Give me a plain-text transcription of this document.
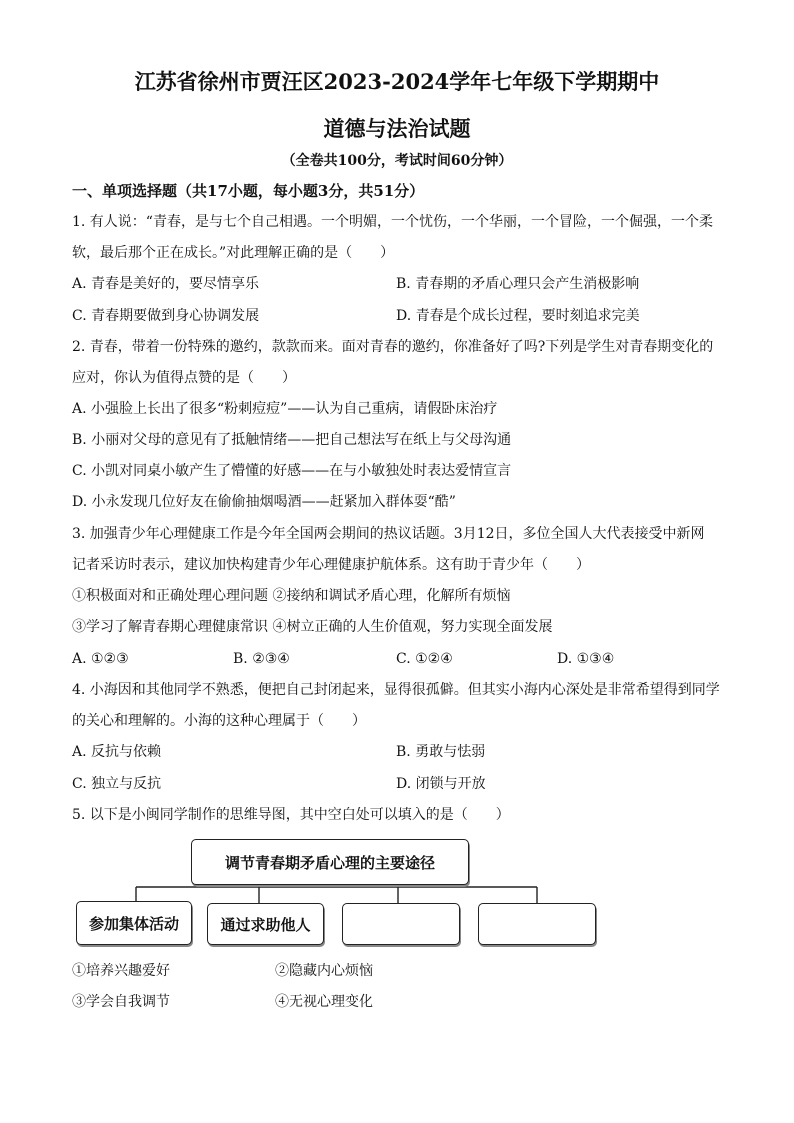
江苏省徐州市贾汪区2023-2024学年七年级下学期期中
道德与法治试题
（全卷共100分，考试时间60分钟）
一、单项选择题（共17小题，每小题3分，共51分）
1. 有人说：“青春，是与七个自己相遇。一个明媚，一个忧伤，一个华丽，一个冒险，一个倔强，一个柔
软，最后那个正在成长。”对此理解正确的是（　　）
A. 青春是美好的，要尽情享乐	B. 青春期的矛盾心理只会产生消极影响
C. 青春期要做到身心协调发展	D. 青春是个成长过程，要时刻追求完美
2. 青春，带着一份特殊的邀约，款款而来。面对青春的邀约，你准备好了吗?下列是学生对青春期变化的
应对，你认为值得点赞的是（　　）
A. 小强脸上长出了很多“粉刺痘痘”——认为自己重病，请假卧床治疗
B. 小丽对父母的意见有了抵触情绪——把自己想法写在纸上与父母沟通
C. 小凯对同桌小敏产生了懵懂的好感——在与小敏独处时表达爱情宣言
D. 小永发现几位好友在偷偷抽烟喝酒——赶紧加入群体耍“酷”
3. 加强青少年心理健康工作是今年全国两会期间的热议话题。3月12日，多位全国人大代表接受中新网
记者采访时表示，建议加快构建青少年心理健康护航体系。这有助于青少年（　　）
①积极面对和正确处理心理问题 ②接纳和调试矛盾心理，化解所有烦恼
③学习了解青春期心理健康常识 ④树立正确的人生价值观，努力实现全面发展
A. ①②③	B. ②③④	C. ①②④	D. ①③④
4. 小海因和其他同学不熟悉，便把自己封闭起来，显得很孤僻。但其实小海内心深处是非常希望得到同学
的关心和理解的。小海的这种心理属于（　　）
A. 反抗与依赖	B. 勇敢与怯弱
C. 独立与反抗	D. 闭锁与开放
5. 以下是小闽同学制作的思维导图，其中空白处可以填入的是（　　）
调节青春期矛盾心理的主要途径
参加集体活动	通过求助他人
①培养兴趣爱好	②隐藏内心烦恼
③学会自我调节	④无视心理变化
